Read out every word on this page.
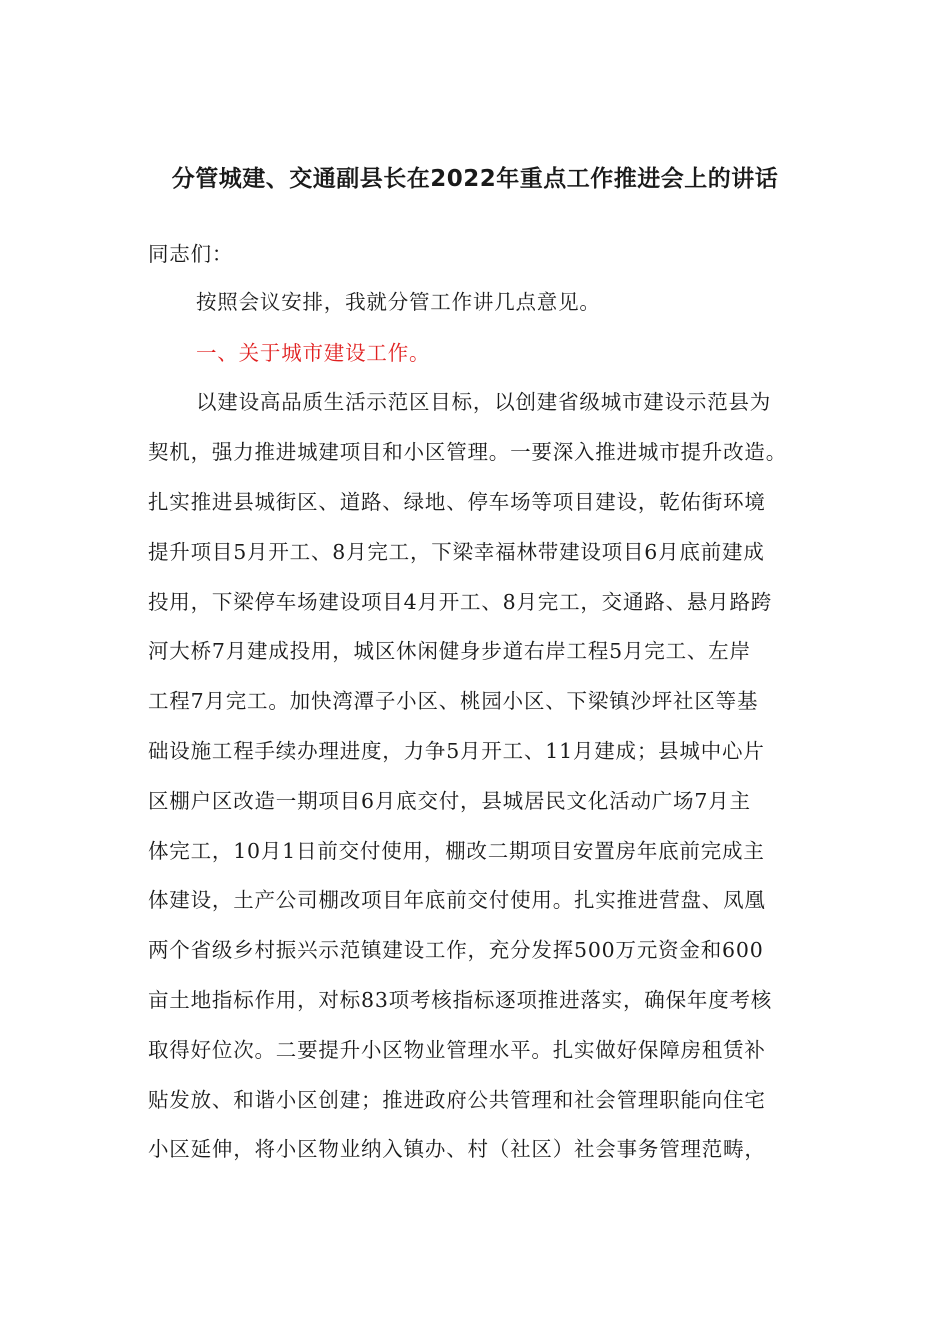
分管城建、交通副县长在2022年重点工作推进会上的讲话
同志们：
按照会议安排，我就分管工作讲几点意见。
一、关于城市建设工作。
以建设高品质生活示范区目标，以创建省级城市建设示范县为
契机，强力推进城建项目和小区管理。一要深入推进城市提升改造。
扎实推进县城街区、道路、绿地、停车场等项目建设，乾佑街环境
提升项目5月开工、8月完工，下梁幸福林带建设项目6月底前建成
投用，下梁停车场建设项目4月开工、8月完工，交通路、悬月路跨
河大桥7月建成投用，城区休闲健身步道右岸工程5月完工、左岸
工程7月完工。加快湾潭子小区、桃园小区、下梁镇沙坪社区等基
础设施工程手续办理进度，力争5月开工、11月建成；县城中心片
区棚户区改造一期项目6月底交付，县城居民文化活动广场7月主
体完工，10月1日前交付使用，棚改二期项目安置房年底前完成主
体建设，土产公司棚改项目年底前交付使用。扎实推进营盘、凤凰
两个省级乡村振兴示范镇建设工作，充分发挥500万元资金和600
亩土地指标作用，对标83项考核指标逐项推进落实，确保年度考核
取得好位次。二要提升小区物业管理水平。扎实做好保障房租赁补
贴发放、和谐小区创建；推进政府公共管理和社会管理职能向住宅
小区延伸，将小区物业纳入镇办、村（社区）社会事务管理范畴，
